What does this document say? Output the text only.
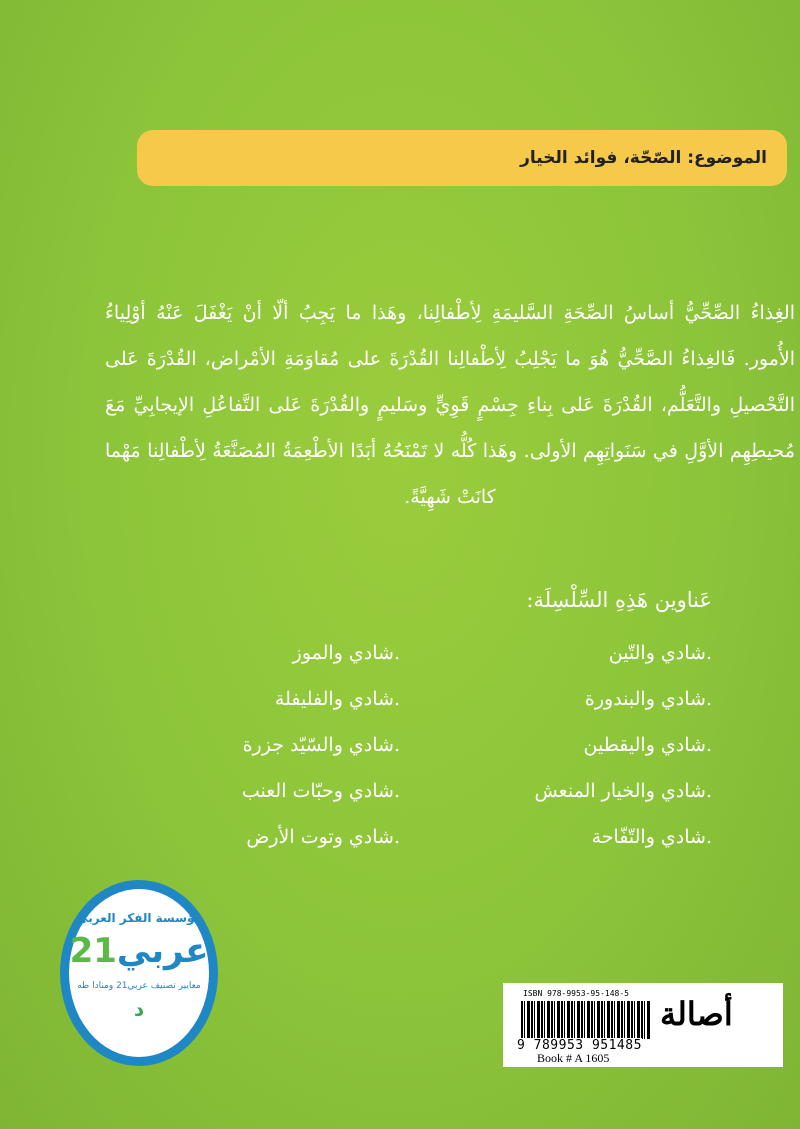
الموضوع: الصّحّة، فوائد الخيار
الغِذاءُ الصِّحِّيُّ أساسُ الصِّحَةِ السَّليمَةِ لِأطْفالِنا، وهَذا ما يَجِبُ ألّا أنْ يَغْفَلَ عَنْهُ أوْلِياءُ الأُمور. فَالغِذاءُ الصَّحِّيُّ هُوَ ما يَجْلِبُ لِأطْفالِنا القُدْرَةَ على مُقاوَمَةِ الأمْراض، القُدْرَةَ عَلى التَّحْصيلِ والتَّعَلُّم، القُدْرَةَ عَلى بِناءِ جِسْمٍ قَوِيٍّ وسَليمٍ والقُدْرَةَ عَلى التَّفاعُلِ الإيجابِيِّ مَعَ مُحيطِهِم الأوَّلِ في سَنَواتِهِم الأولى. وهَذا كُلُّه لا تَمْنَحُهُ أبَدًا الأطْعِمَةُ المُصَنَّعَةُ لِأطْفالِنا مَهْما كانَتْ شَهِيَّةً.
عَناوين هَذِهِ السِّلْسِلَة:
.شادي والتّين
.شادي والبندورة
.شادي واليقطين
.شادي والخيار المنعش
.شادي والتّفّاحة
.شادي والموز
.شادي والفليفلة
.شادي والسّيّد جزرة
.شادي وحبّات العنب
.شادي وتوت الأرض
مؤسسة الفكر العربي
عربي21
معايير تصنيف عربي21 ومنادا طه
د
ISBN 978-9953-95-148-5
9 789953 951485
Book # A 1605
أصالة
